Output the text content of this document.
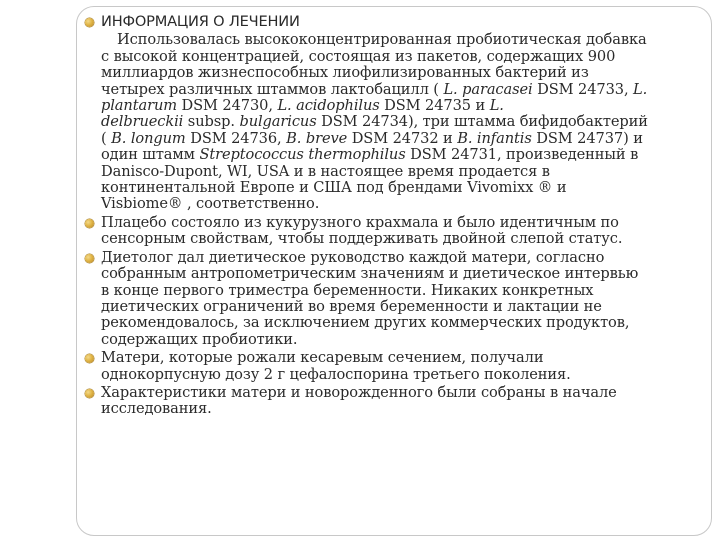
ИНФОРМАЦИЯ О ЛЕЧЕНИИ
Использовалась высококонцентрированная пробиотическая добавка
с высокой концентрацией, состоящая из пакетов, содержащих 900
миллиардов жизнеспособных лиофилизированных бактерий из
четырех различных штаммов лактобацилл ( L. paracasei DSM 24733, L.
plantarum DSM 24730, L. acidophilus DSM 24735 и L.
delbrueckii subsp. bulgaricus DSM 24734), три штамма бифидобактерий
( B. longum DSM 24736, B. breve DSM 24732 и B. infantis DSM 24737) и
один штамм Streptococcus thermophilus DSM 24731, произведенный в
Danisco-Dupont, WI, USA и в настоящее время продается в
континентальной Европе и США под брендами Vivomixx ® и
Visbiome® , соответственно.
Плацебо состояло из кукурузного крахмала и было идентичным по
сенсорным свойствам, чтобы поддерживать двойной слепой статус.
Диетолог дал диетическое руководство каждой матери, согласно
собранным антропометрическим значениям и диетическое интервью
в конце первого триместра беременности. Никаких конкретных
диетических ограничений во время беременности и лактации не
рекомендовалось, за исключением других коммерческих продуктов,
содержащих пробиотики.
Матери, которые рожали кесаревым сечением, получали
однокорпусную дозу 2 г цефалоспорина третьего поколения.
Характеристики матери и новорожденного были собраны в начале
исследования.
